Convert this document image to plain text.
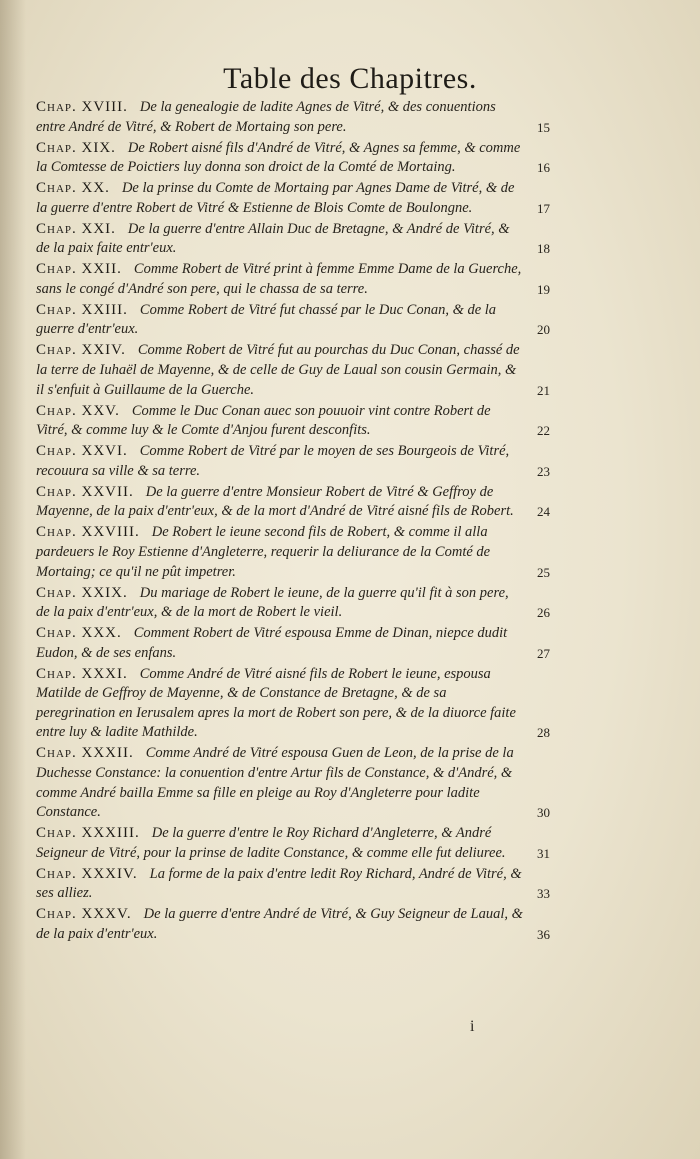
Table des Chapitres.
Chap. XVIII. De la genealogie de ladite Agnes de Vitré, & des conuentions entre André de Vitré, & Robert de Mortaing son pere.	15
Chap. XIX. De Robert aisné fils d'André de Vitré, & Agnes sa femme, & comme la Comtesse de Poictiers luy donna son droict de la Comté de Mortaing.	16
Chap. XX. De la prinse du Comte de Mortaing par Agnes Dame de Vitré, & de la guerre d'entre Robert de Vitré & Estienne de Blois Comte de Boulongne.	17
Chap. XXI. De la guerre d'entre Allain Duc de Bretagne, & André de Vitré, & de la paix faite entr'eux.	18
Chap. XXII. Comme Robert de Vitré print à femme Emme Dame de la Guerche, sans le congé d'André son pere, qui le chassa de sa terre.	19
Chap. XXIII. Comme Robert de Vitré fut chassé par le Duc Conan, & de la guerre d'entr'eux.	20
Chap. XXIV. Comme Robert de Vitré fut au pourchas du Duc Conan, chassé de la terre de Iuhaël de Mayenne, & de celle de Guy de Laual son cousin Germain, & il s'enfuit à Guillaume de la Guerche.	21
Chap. XXV. Comme le Duc Conan auec son pouuoir vint contre Robert de Vitré, & comme luy & le Comte d'Anjou furent desconfits.	22
Chap. XXVI. Comme Robert de Vitré par le moyen de ses Bourgeois de Vitré, recouura sa ville & sa terre.	23
Chap. XXVII. De la guerre d'entre Monsieur Robert de Vitré & Geffroy de Mayenne, de la paix d'entr'eux, & de la mort d'André de Vitré aisné fils de Robert.	24
Chap. XXVIII. De Robert le ieune second fils de Robert, & comme il alla pardeuers le Roy Estienne d'Angleterre, requerir la deliurance de la Comté de Mortaing; ce qu'il ne pût impetrer.	25
Chap. XXIX. Du mariage de Robert le ieune, de la guerre qu'il fit à son pere, de la paix d'entr'eux, & de la mort de Robert le vieil.	26
Chap. XXX. Comment Robert de Vitré espousa Emme de Dinan, niepce dudit Eudon, & de ses enfans.	27
Chap. XXXI. Comme André de Vitré aisné fils de Robert le ieune, espousa Matilde de Geffroy de Mayenne, & de Constance de Bretagne, & de sa peregrination en Ierusalem apres la mort de Robert son pere, & de la diuorce faite entre luy & ladite Mathilde.	28
Chap. XXXII. Comme André de Vitré espousa Guen de Leon, de la prise de la Duchesse Constance: la conuention d'entre Artur fils de Constance, & d'André, & comme André bailla Emme sa fille en pleige au Roy d'Angleterre pour ladite Constance.	30
Chap. XXXIII. De la guerre d'entre le Roy Richard d'Angleterre, & André Seigneur de Vitré, pour la prinse de ladite Constance, & comme elle fut deliuree.	31
Chap. XXXIV. La forme de la paix d'entre ledit Roy Richard, André de Vitré, & ses alliez.	33
Chap. XXXV. De la guerre d'entre André de Vitré, & Guy Seigneur de Laual, & de la paix d'entr'eux.	36
i
